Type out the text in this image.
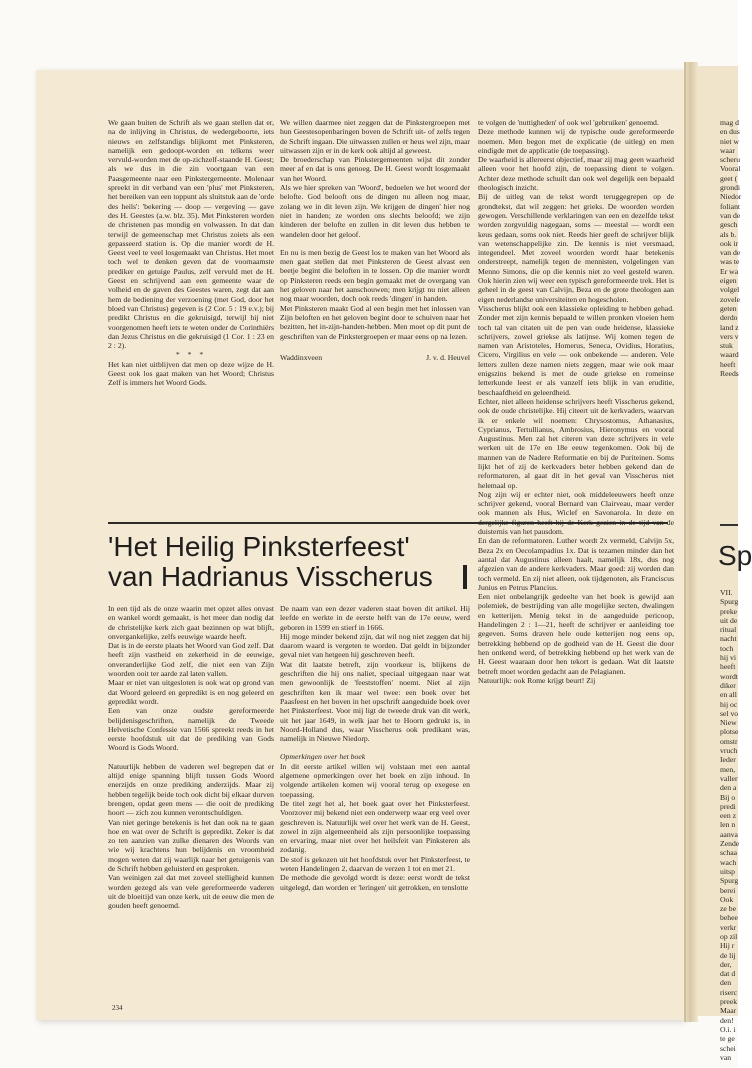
We gaan buiten de Schrift als we gaan stellen dat er, na de inlijving in Christus, de wedergeboorte, iets nieuws en zelfstandigs blijkomt met Pinksteren, namelijk een gedoopt-worden en telkens weer vervuld-worden met de op-zichzelf-staande H. Geest; als we dus in die zin voortgaan van een Paasgemeente naar een Pinkstergemeente. Molenaar spreekt in dit verband van een 'plus' met Pinksteren, het bereiken van een toppunt als sluitstuk aan de 'orde des heils': 'bekering — doop — vergeving — gave des H. Geestes (a.w. blz. 35). Met Pinksteren worden de christenen pas mondig en volwassen. In dat dan terwijl de gemeenschap met Christus zoiets als een gepasseerd station is. Op die manier wordt de H. Geest veel te veel losgemaakt van Christus. Het moet toch wel te denken geven dat de voornaamste prediker en getuige Paulus, zelf vervuld met de H. Geest en schrijvend aan een gemeente waar de volheid en de gaven des Geestes waren, zegt dat aan hem de bediening der verzoening (met God, door het bloed van Christus) gegeven is (2 Cor. 5 : 19 e.v.); bij predikt Christus en die gekruisigd, terwijl hij niet voorgenomen heeft iets te weten onder de Corinthiërs dan Jezus Christus en die gekruisigd (1 Cor. 1 : 23 en 2 : 2).

* * *

Het kan niet uitblijven dat men op deze wijze de H. Geest ook los gaat maken van het Woord; Christus Zelf is immers het Woord Gods.

We willen daarmee niet zeggen dat de Pinkstergroepen met hun Geestesopenbaringen boven de Schrift uit- of zelfs tegen de Schrift ingaan. Die uitwassen zullen er heus wel zijn, maar uitwassen zijn er in de kerk ook altijd al geweest.

De broederschap van Pinkstergemeenten wijst dit zonder meer af en dat is ons genoeg. De H. Geest wordt losgemaakt van het Woord.

Als we hier spreken van 'Woord', bedoelen we het woord der belofte. God belooft ons de dingen nu alleen nog maar, zolang we in dit leven zijn. We krijgen de dingen' hier nog niet in handen; ze worden ons slechts beloofd; we zijn kinderen der belofte en zullen in dit leven dus hebben te wandelen door het geloof.

En nu is men bezig de Geest los te maken van het Woord als men gaat stellen dat met Pinksteren de Geest alvast een beetje begint die beloften in te lossen. Op die manier wordt op Pinksteren reeds een begin gemaakt met de overgang van het geloven naar het aanschouwen; men krijgt nu niet alleen nog maar woorden, doch ook reeds 'dingen' in handen.

Met Pinksteren maakt God al een begin met het inlossen van Zijn beloften en het geloven begint door te schuiven naar het bezitten, het in-zijn-handen-hebben. Men moet op dit punt de geschriften van de Pinkstergroepen er maar eens op na lezen.

Waddinxveen	J. v. d. Heuvel
'Het Heilig Pinksterfeest'
van Hadrianus Visscherus

In een tijd als de onze waarin met opzet alles onvast en wankel wordt gemaakt, is het meer dan nodig dat de christelijke kerk zich gaat bezinnen op wat blijft, onvergankelijke, zelfs eeuwige waarde heeft.

Dat is in de eerste plaats het Woord van God zelf. Dat heeft zijn vastheid en zekerheid in de eeuwige, onveranderlijke God zelf, die niet een van Zijn woorden ooit ter aarde zal laten vallen.

Maar er niet van uitgesloten is ook wat op grond van dat Woord geleerd en gepredikt is en nog geleerd en gepredikt wordt.

Een van onze oudste gereformeerde belijdenisgeschriften, namelijk de Tweede Helvetische Confessie van 1566 spreekt reeds in het eerste hoofdstuk uit dat de prediking van Gods Woord is Gods Woord.

Natuurlijk hebben de vaderen wel begrepen dat er altijd enige spanning blijft tussen Gods Woord enerzijds en onze prediking anderzijds. Maar zij hebben tegelijk beide toch ook dicht bij elkaar durven brengen, opdat geen mens — die ooit de prediking hoort — zich zou kunnen verontschuldigen.

Van niet geringe betekenis is het dan ook na te gaan hoe en wat over de Schrift is gepredikt. Zeker is dat zo ten aanzien van zulke dienaren des Woords van wie wij krachtens hun belijdenis en vroomheid mogen weten dat zij waarlijk naar het getuigenis van de Schrift hebben geluisterd en gesproken.

Van weinigen zal dat met zoveel stelligheid kunnen worden gezegd als van vele gereformeerde vaderen uit de bloeitijd van onze kerk, uit de eeuw die men de gouden heeft genoemd.

De naam van een dezer vaderen staat boven dit artikel. Hij leefde en werkte in de eerste helft van de 17e eeuw, werd geboren in 1599 en stierf in 1666.

Hij moge minder bekend zijn, dat wil nog niet zeggen dat hij daarom waard is vergeten te worden. Dat geldt in bijzonder geval niet van hetgeen hij geschreven heeft.

Wat dit laatste betreft, zijn voorkeur is, blijkens de geschriften die hij ons naliet, speciaal uitgegaan naar wat men gewoonlijk de 'feeststoffen' noemt. Niet al zijn geschriften ken ik maar wel twee: een boek over het Paasfeest en het boven in het opschrift aangeduide boek over het Pinksterfeest. Voor mij ligt de tweede druk van dit werk, uit het jaar 1649, in welk jaar het te Hoorn gedrukt is, in Noord-Holland dus, waar Visscherus ook predikant was, namelijk in Nieuwe Niedorp.

Opmerkingen over het boek

In dit eerste artikel willen wij volstaan met een aantal algemene opmerkingen over het boek en zijn inhoud. In volgende artikelen komen wij vooral terug op exegese en toepassing.

De titel zegt het al, het boek gaat over het Pinksterfeest. Voorzover mij bekend niet een onderwerp waar erg veel over geschreven is. Natuurlijk wel over het werk van de H. Geest, zowel in zijn algemeenheid als zijn persoonlijke toepassing en ervaring, maar niet over het heilsfeit van Pinksteren als zodanig.

De stof is gekozen uit het hoofdstuk over het Pinksterfeest, te weten Handelingen 2, daarvan de verzen 1 tot en met 21.

De methode die gevolgd wordt is deze: eerst wordt de tekst uitgelegd, dan worden er 'leringen' uit getrokken, en tenslotte

te volgen de 'nuttigheden' of ook wel 'gebruiken' genoemd.

Deze methode kunnen wij de typische oude gereformeerde noemen. Men begon met de explicatie (de uitleg) en men eindigde met de applicatie (de toepassing).

De waarheid is allereerst objectief, maar zij mag geen waarheid alleen voor het hoofd zijn, de toepassing dient te volgen. Achter deze methode schuilt dan ook wel degelijk een bepaald theologisch inzicht.

Bij de uitleg van de tekst wordt teruggegrepen op de grondtekst, dat wil zeggen: het grieks. De woorden worden gewogen. Verschillende verklaringen van een en dezelfde tekst worden zorgvuldig nagegaan, soms — meestal — wordt een keus gedaan, soms ook niet. Reeds hier geeft de schrijver blijk van wetenschappelijke zin. De kennis is niet versmaad, integendeel. Met zoveel woorden wordt haar betekenis onderstreept, namelijk tegen de mennisten, volgelingen van Menno Simons, die op die kennis niet zo veel gesteld waren. Ook hierin zien wij weer een typisch gereformeerde trek. Het is geheel in de geest van Calvijn, Beza en de grote theologen aan eigen nederlandse universiteiten en hogescholen.

Visscherus blijkt ook een klassieke opleiding te hebben gehad. Zonder met zijn kennis bepaald te willen pronken vloeien hem toch tal van citaten uit de pen van oude heidense, klassieke schrijvers, zowel griekse als latijnse. Wij komen tegen de namen van Aristoteles, Homerus, Seneca, Ovidius, Horatius, Cicero, Virgilius en vele — ook onbekende — anderen. Vele letters zullen deze namen niets zeggen, maar wie ook maar enigszins bekend is met de oude griekse en romeinse letterkunde leest er als vanzelf iets blijk in van eruditie, beschaafdheid en geleerdheid.

Echter, niet alleen heidense schrijvers heeft Visscherus gekend, ook de oude christelijke. Hij citeert uit de kerkvaders, waarvan ik er enkele wil noemen: Chrysostomus, Athanasius, Cyprianus, Tertullianus, Ambrosius, Hieronymus en vooral Augustinus. Men zal het citeren van deze schrijvers in vele werken uit de 17e en 18e eeuw tegenkomen. Ook bij de mannen van de Nadere Reformatie en bij de Puriteinen. Soms lijkt het of zij de kerkvaders beter hebben gekend dan de reformatoren, al gaat dit in het geval van Visscherus niet helemaal op.

Nog zijn wij er echter niet, ook middeleeuwers heeft onze schrijver gekend, vooral Bernard van Clairveau, maar verder ook mannen als Hus, Wiclef en Savonarola. In deze en dergelijke figuren heeft hij de Kerk gezien in de tijd van de duisternis van het pausdom.

En dan de reformatoren. Luther wordt 2x vermeld, Calvijn 5x, Beza 2x en Oecolampadius 1x. Dat is tezamen minder dan het aantal dat Augustinus alleen haalt, namelijk 18x, dus nog afgezien van de andere kerkvaders. Maar goed: zij worden dan toch vermeld. En zij niet alleen, ook tijdgenoten, als Franciscus Junius en Petrus Plancius.

Een niet onbelangrijk gedeelte van het boek is gewijd aan polemiek, de bestrijding van alle mogelijke secten, dwalingen en ketterijen. Menig tekst in de aangeduide pericoop, Handelingen 2 : 1—21, heeft de schrijver er aanleiding toe gegeven. Soms draven hele oude ketterijen nog eens op, betrekking hebbend op de godheid van de H. Geest die door hen ontkend werd, of betrekking hebbend op het werk van de H. Geest waaraan door hen tekort is gedaan. Wat dit laatste betreft moet worden gedacht aan de Pelagianen.

Natuurlijk: ook Rome krijgt beurt! Zij

234

mag d

en dus

niet w

waar

scheru

Vooral

geet (

grondi

Niedor

foliant

van de

gesch

als b.

ook ir

van de

was te

Er wa

eigen

volgel

zovele

geten

derdo

land z

vers v

stuk

waard

heeft

Reeds

Sp

VII.

Spurg

preke

uit de

ritual

nacht

toch

hij vi

heeft

wordt

diker

en all

hij oc

sel vo

Niew

plotse

omstr

vruch

Ieder

men,

valler

den a

Bij o

predi

een z

len n

aanva

Zende

schaa

wach

uitsp

Spurg

berei

Ook

ze be

behee

verkr

op zil

Hij r

de lij

der,

dat d

den

riserc

preek

Maar

den!

O.i. i

te ge

schei

van
